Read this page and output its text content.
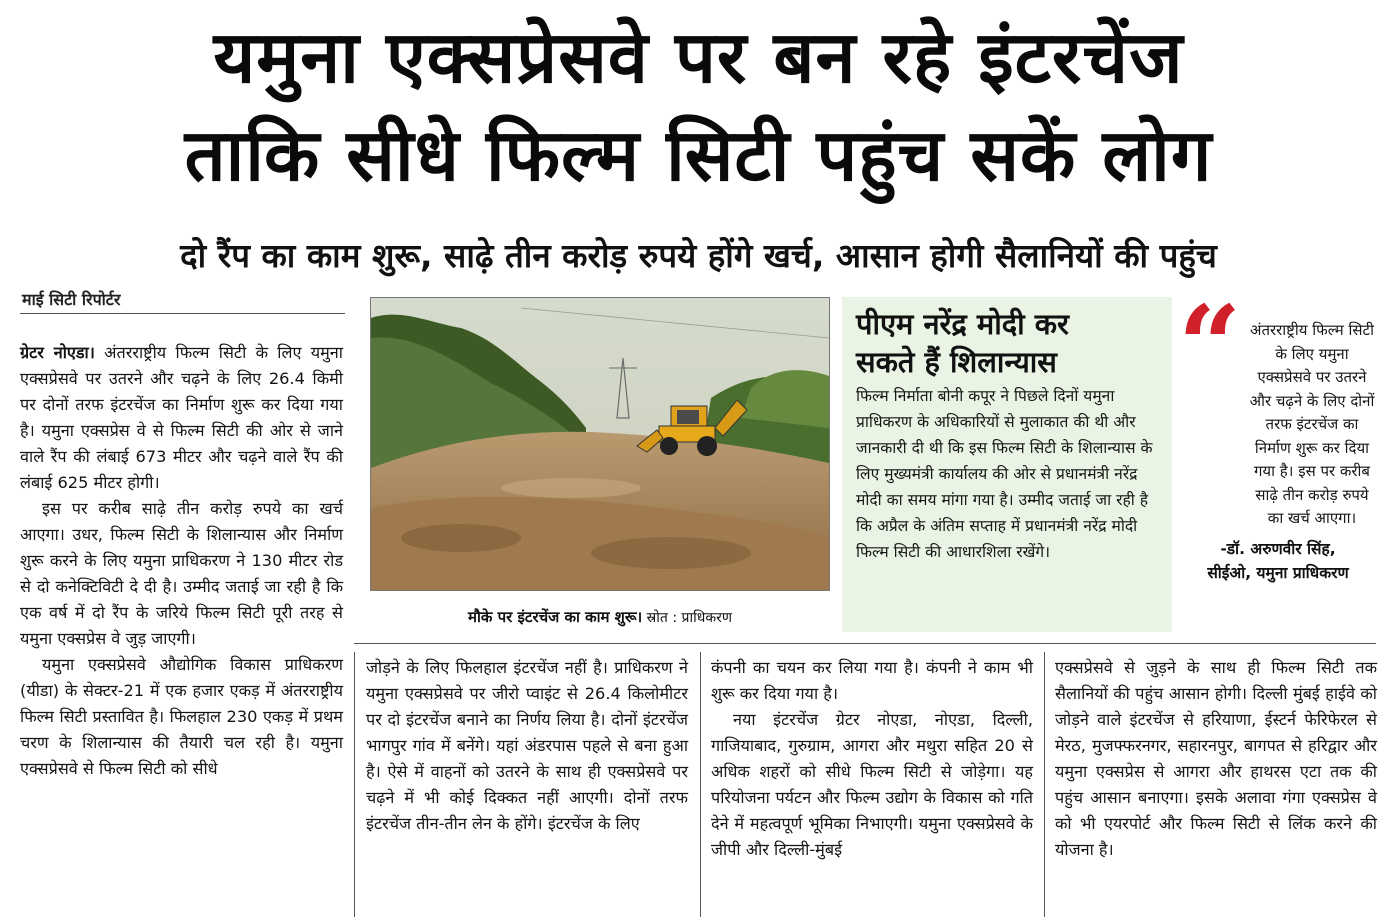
यमुना एक्सप्रेसवे पर बन रहे इंटरचेंज
ताकि सीधे फिल्म सिटी पहुंच सकें लोग
दो रैंप का काम शुरू, साढ़े तीन करोड़ रुपये होंगे खर्च, आसान होगी सैलानियों की पहुंच
माई सिटी रिपोर्टर

ग्रेटर नोएडा। अंतरराष्ट्रीय फिल्म सिटी के लिए यमुना एक्सप्रेसवे पर उतरने और चढ़ने के लिए 26.4 किमी पर दोनों तरफ इंटरचेंज का निर्माण शुरू कर दिया गया है। यमुना एक्सप्रेस वे से फिल्म सिटी की ओर से जाने वाले रैंप की लंबाई 673 मीटर और चढ़ने वाले रैंप की लंबाई 625 मीटर होगी।

इस पर करीब साढ़े तीन करोड़ रुपये का खर्च आएगा। उधर, फिल्म सिटी के शिलान्यास और निर्माण शुरू करने के लिए यमुना प्राधिकरण ने 130 मीटर रोड से दो कनेक्टिविटी दे दी है। उम्मीद जताई जा रही है कि एक वर्ष में दो रैंप के जरिये फिल्म सिटी पूरी तरह से यमुना एक्सप्रेस वे जुड़ जाएगी।

यमुना एक्सप्रेसवे औद्योगिक विकास प्राधिकरण (यीडा) के सेक्टर-21 में एक हजार एकड़ में अंतरराष्ट्रीय फिल्म सिटी प्रस्तावित है। फिलहाल 230 एकड़ में प्रथम चरण के शिलान्यास की तैयारी चल रही है। यमुना एक्सप्रेसवे से फिल्म सिटी को सीधे

मौके पर इंटरचेंज का काम शुरू। स्रोत : प्राधिकरण
पीएम नरेंद्र मोदी कर सकते हैं शिलान्यास
फिल्म निर्माता बोनी कपूर ने पिछले दिनों यमुना प्राधिकरण के अधिकारियों से मुलाकात की थी और जानकारी दी थी कि इस फिल्म सिटी के शिलान्यास के लिए मुख्यमंत्री कार्यालय की ओर से प्रधानमंत्री नरेंद्र मोदी का समय मांगा गया है। उम्मीद जताई जा रही है कि अप्रैल के अंतिम सप्ताह में प्रधानमंत्री नरेंद्र मोदी फिल्म सिटी की आधारशिला रखेंगे।
“ अंतरराष्ट्रीय फिल्म सिटी के लिए यमुना एक्सप्रेसवे पर उतरने और चढ़ने के लिए दोनों तरफ इंटरचेंज का निर्माण शुरू कर दिया गया है। इस पर करीब साढ़े तीन करोड़ रुपये का खर्च आएगा।
-डॉ. अरुणवीर सिंह, सीईओ, यमुना प्राधिकरण

जोड़ने के लिए फिलहाल इंटरचेंज नहीं है। प्राधिकरण ने यमुना एक्सप्रेसवे पर जीरो प्वाइंट से 26.4 किलोमीटर पर दो इंटरचेंज बनाने का निर्णय लिया है। दोनों इंटरचेंज भागपुर गांव में बनेंगे। यहां अंडरपास पहले से बना हुआ है। ऐसे में वाहनों को उतरने के साथ ही एक्सप्रेसवे पर चढ़ने में भी कोई दिक्कत नहीं आएगी। दोनों तरफ इंटरचेंज तीन-तीन लेन के होंगे। इंटरचेंज के लिए

कंपनी का चयन कर लिया गया है। कंपनी ने काम भी शुरू कर दिया गया है।

नया इंटरचेंज ग्रेटर नोएडा, नोएडा, दिल्ली, गाजियाबाद, गुरुग्राम, आगरा और मथुरा सहित 20 से अधिक शहरों को सीधे फिल्म सिटी से जोड़ेगा। यह परियोजना पर्यटन और फिल्म उद्योग के विकास को गति देने में महत्वपूर्ण भूमिका निभाएगी। यमुना एक्सप्रेसवे के जीपी और दिल्ली-मुंबई

एक्सप्रेसवे से जुड़ने के साथ ही फिल्म सिटी तक सैलानियों की पहुंच आसान होगी। दिल्ली मुंबई हाईवे को जोड़ने वाले इंटरचेंज से हरियाणा, ईस्टर्न फेरिफेरल से मेरठ, मुजफ्फरनगर, सहारनपुर, बागपत से हरिद्वार और यमुना एक्सप्रेस से आगरा और हाथरस एटा तक की पहुंच आसान बनाएगा। इसके अलावा गंगा एक्सप्रेस वे को भी एयरपोर्ट और फिल्म सिटी से लिंक करने की योजना है।
